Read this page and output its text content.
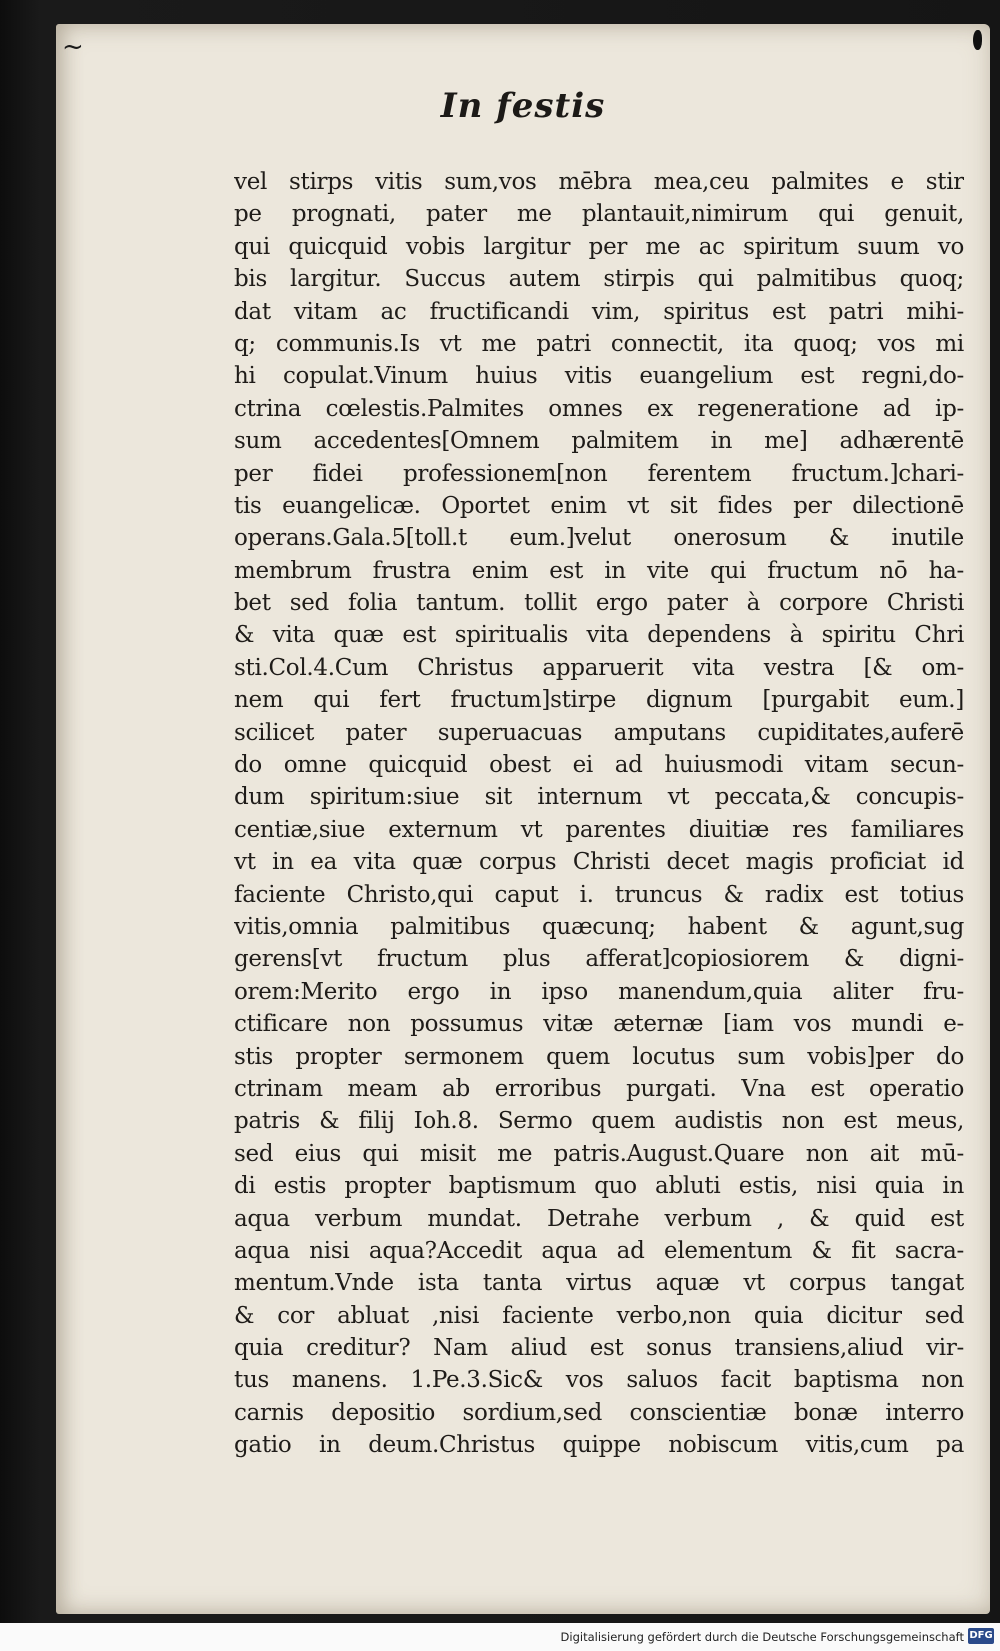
~
In festis
vel stirps vitis sum,vos mēbra mea,ceu palmites e stir
pe prognati, pater me plantauit,nimirum qui genuit,
qui quicquid vobis largitur per me ac spiritum suum vo
bis largitur. Succus autem stirpis qui palmitibus quoq;
dat vitam ac fructificandi vim, spiritus est patri mihi-
q; communis.Is vt me patri connectit, ita quoq; vos mi
hi copulat.Vinum huius vitis euangelium est regni,do-
ctrina cœlestis.Palmites omnes ex regeneratione ad ip-
sum accedentes[Omnem palmitem in me] adhærentē
per fidei professionem[non ferentem fructum.]chari-
tis euangelicæ. Oportet enim vt sit fides per dilectionē
operans.Gala.5[toll.t eum.]velut onerosum & inutile
membrum frustra enim est in vite qui fructum nō ha-
bet sed folia tantum. tollit ergo pater à corpore Christi
& vita quæ est spiritualis vita dependens à spiritu Chri
sti.Col.4.Cum Christus apparuerit vita vestra [& om-
nem qui fert fructum]stirpe dignum [purgabit eum.]
scilicet pater superuacuas amputans cupiditates,auferē
do omne quicquid obest ei ad huiusmodi vitam secun-
dum spiritum:siue sit internum vt peccata,& concupis-
centiæ,siue externum vt parentes diuitiæ res familiares
vt in ea vita quæ corpus Christi decet magis proficiat id
faciente Christo,qui caput i. truncus & radix est totius
vitis,omnia palmitibus quæcunq; habent & agunt,sug
gerens[vt fructum plus afferat]copiosiorem & digni-
orem:Merito ergo in ipso manendum,quia aliter fru-
ctificare non possumus vitæ æternæ [iam vos mundi e-
stis propter sermonem quem locutus sum vobis]per do
ctrinam meam ab erroribus purgati. Vna est operatio
patris & filij Ioh.8. Sermo quem audistis non est meus,
sed eius qui misit me patris.August.Quare non ait mū-
di estis propter baptismum quo abluti estis, nisi quia in
aqua verbum mundat. Detrahe verbum , & quid est
aqua nisi aqua?Accedit aqua ad elementum & fit sacra-
mentum.Vnde ista tanta virtus aquæ vt corpus tangat
& cor abluat ,nisi faciente verbo,non quia dicitur sed
quia creditur? Nam aliud est sonus transiens,aliud vir-
tus manens. 1.Pe.3.Sic& vos saluos facit baptisma non
carnis depositio sordium,sed conscientiæ bonæ interro
gatio in deum.Christus quippe nobiscum vitis,cum pa
Digitalisierung gefördert durch die Deutsche Forschungsgemeinschaft DFG
